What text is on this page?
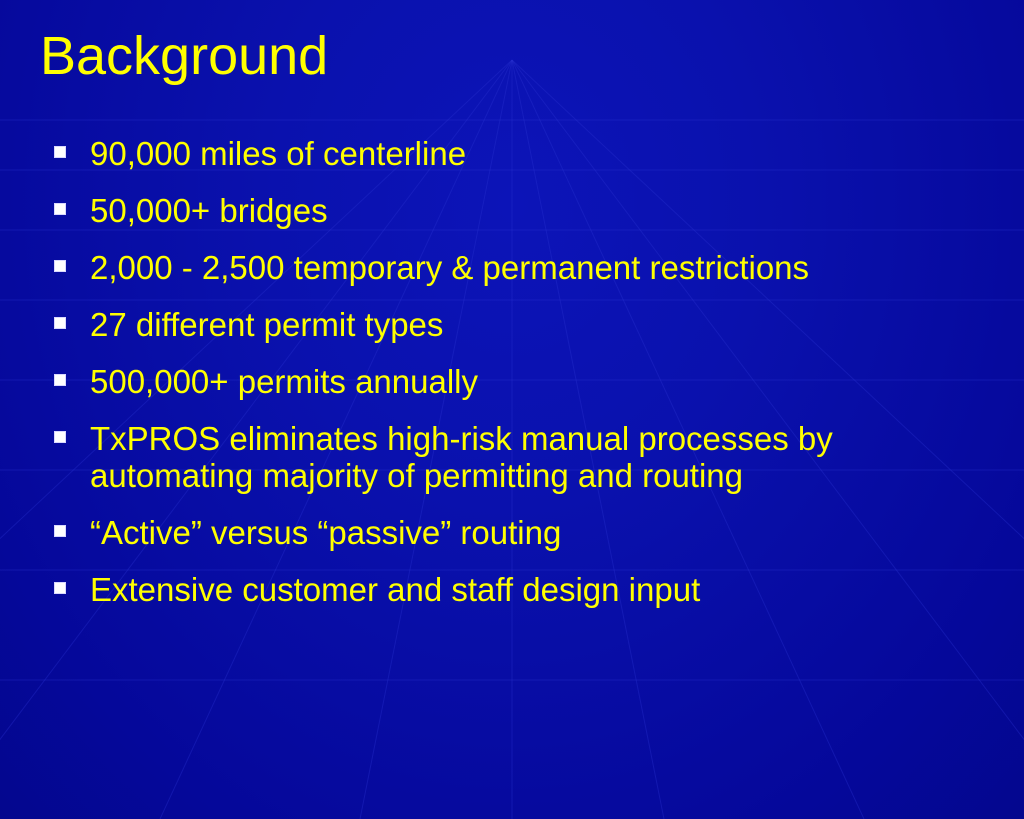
Background
90,000 miles of centerline
50,000+ bridges
2,000 - 2,500 temporary & permanent restrictions
27 different permit types
500,000+ permits annually
TxPROS eliminates high-risk manual processes by automating majority of permitting and routing
“Active” versus “passive” routing
Extensive customer and staff design input
